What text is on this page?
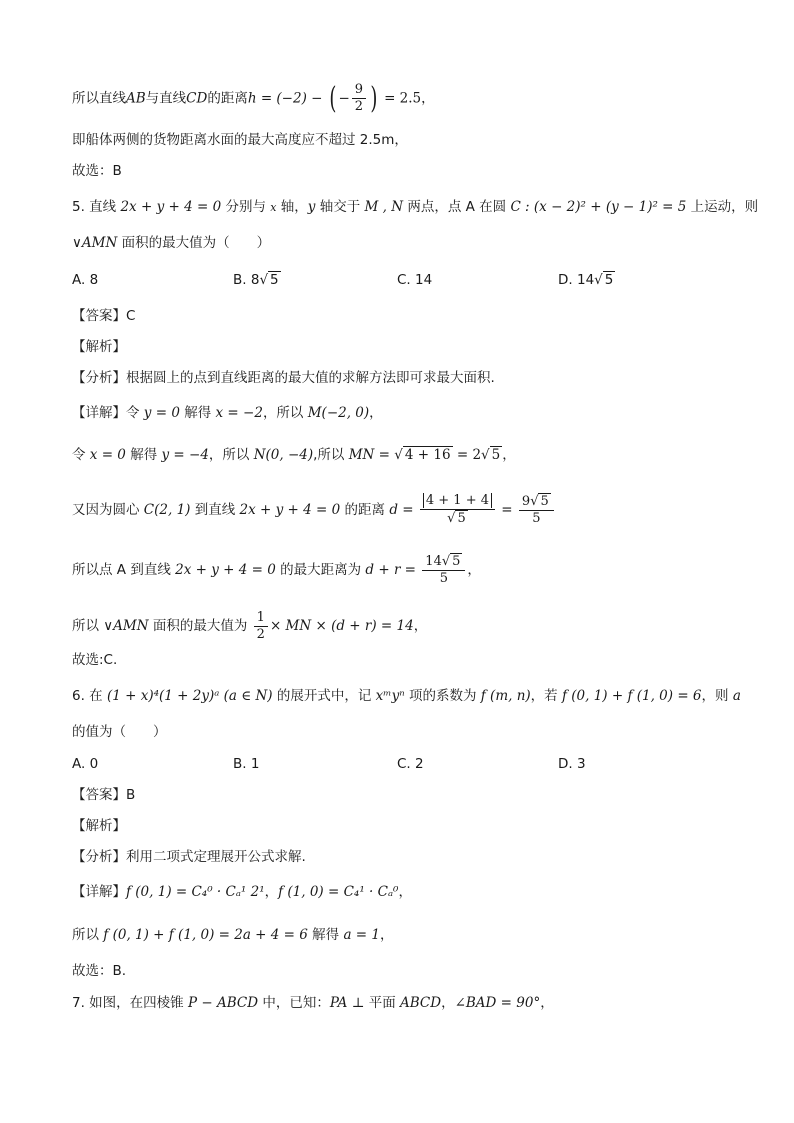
所以直线AB与直线CD的距离h = (−2) − ( − $\frac{9}{2}$ ) = 2.5，
即船体两侧的货物距离水面的最大高度应不超过 2.5m，
故选：B
5. 直线 2x + y + 4 = 0 分别与 x 轴，y 轴交于 M , N 两点，点 A 在圆 C : (x − 2)² + (y − 1)² = 5 上运动，则
∨AMN 面积的最大值为（　　）
A. 8	B. 8√ 5	C. 14	D. 14√ 5
【答案】C
【解析】
【分析】根据圆上的点到直线距离的最大值的求解方法即可求最大面积.
【详解】令 y = 0 解得 x = −2，所以 M(−2, 0)，
令 x = 0 解得 y = −4，所以 N(0, −4),所以 MN = √ 4 + 16 = 2√ 5 ，
又因为圆心 C(2, 1) 到直线 2x + y + 4 = 0 的距离 $d = \frac{4 + 1 + 4}{√ 5} = \frac{9√ 5}{5}$
所以点 A 到直线 2x + y + 4 = 0 的最大距离为 $d + r = \frac{14√ 5}{5}$ ，
所以 ∨AMN 面积的最大值为 $\frac{1}{2}$ × MN × (d + r) = 14，
故选:C.
6. 在 (1 + x)⁴(1 + 2y)ᵃ (a ∈ N) 的展开式中，记 xᵐyⁿ 项的系数为 f (m, n)，若 f (0, 1) + f (1, 0) = 6，则 a
的值为（　　）
A. 0	B. 1	C. 2	D. 3
【答案】B
【解析】
【分析】利用二项式定理展开公式求解.
【详解】f (0, 1) = C₄⁰ · Cₐ¹ 2¹，f (1, 0) = C₄¹ · Cₐ⁰，
所以 f (0, 1) + f (1, 0) = 2a + 4 = 6 解得 a = 1，
故选：B.
7. 如图，在四棱锥 P − ABCD 中，已知：PA ⊥ 平面 ABCD，∠BAD = 90°，
